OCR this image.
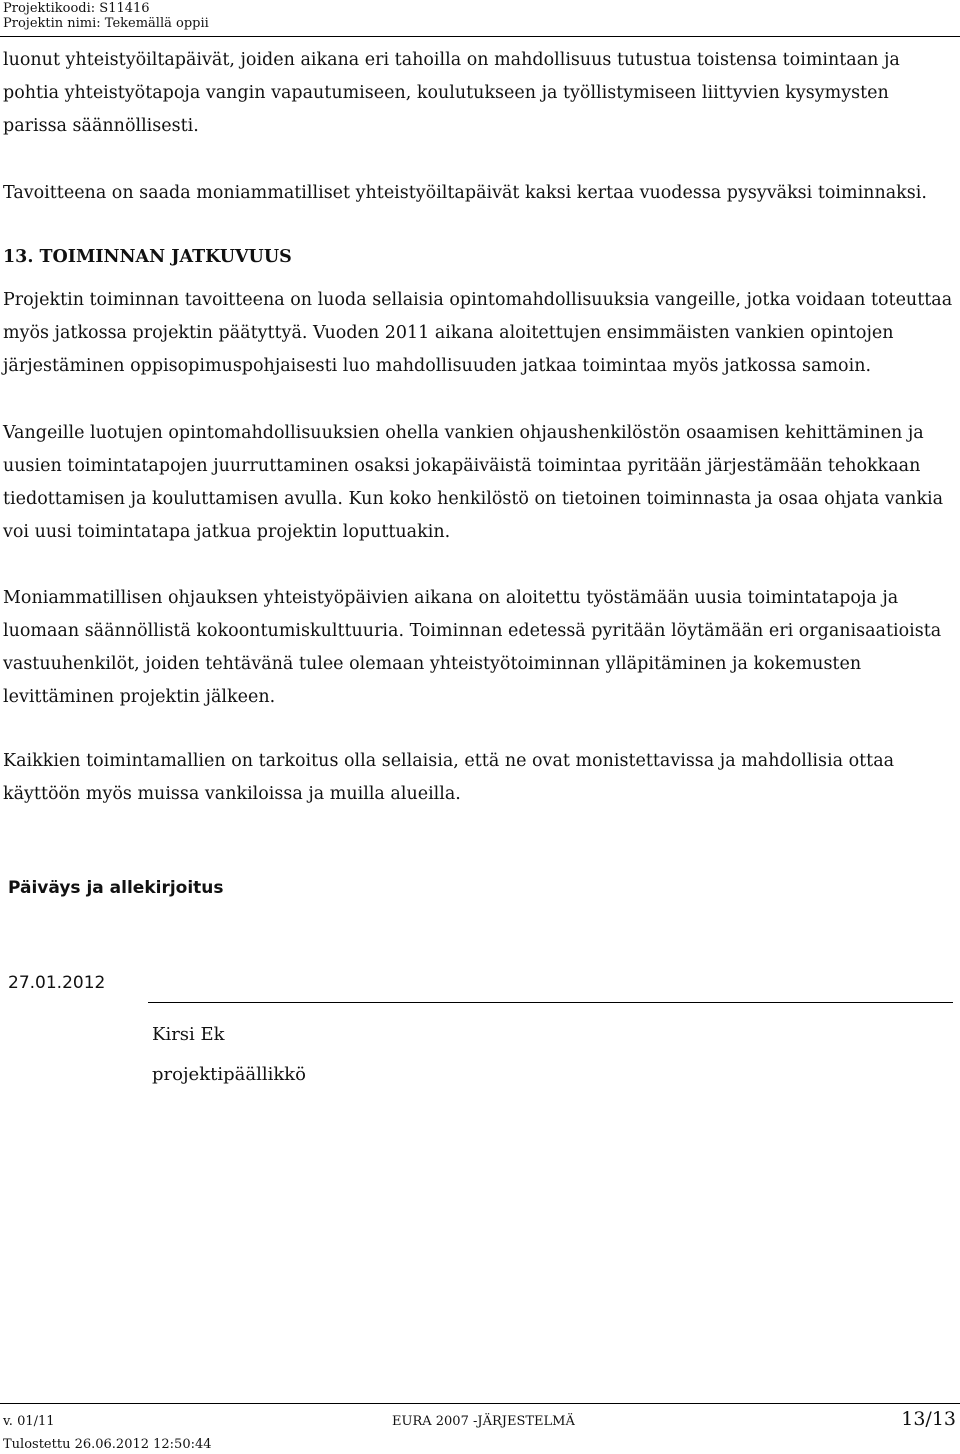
Projektikoodi: S11416
Projektin nimi: Tekemällä oppii

luonut yhteistyöiltapäivät, joiden aikana eri tahoilla on mahdollisuus tutustua toistensa toimintaan ja pohtia yhteistyötapoja vangin vapautumiseen, koulutukseen ja työllistymiseen liittyvien kysymysten parissa säännöllisesti.

Tavoitteena on saada moniammatilliset yhteistyöiltapäivät kaksi kertaa vuodessa pysyväksi toiminnaksi.

13. TOIMINNAN JATKUVUUS

Projektin toiminnan tavoitteena on luoda sellaisia opintomahdollisuuksia vangeille, jotka voidaan toteuttaa myös jatkossa projektin päätyttyä. Vuoden 2011 aikana aloitettujen ensimmäisten vankien opintojen järjestäminen oppisopimuspohjaisesti luo mahdollisuuden jatkaa toimintaa myös jatkossa samoin.

Vangeille luotujen opintomahdollisuuksien ohella vankien ohjaushenkilöstön osaamisen kehittäminen ja uusien toimintatapojen juurruttaminen osaksi jokapäiväistä toimintaa pyritään järjestämään tehokkaan tiedottamisen ja kouluttamisen avulla. Kun koko henkilöstö on tietoinen toiminnasta ja osaa ohjata vankia voi uusi toimintatapa jatkua projektin loputtuakin.

Moniammatillisen ohjauksen yhteistyöpäivien aikana on aloitettu työstämään uusia toimintatapoja ja luomaan säännöllistä kokoontumiskulttuuria. Toiminnan edetessä pyritään löytämään eri organisaatioista vastuuhenkilöt, joiden tehtävänä tulee olemaan yhteistyötoiminnan ylläpitäminen ja kokemusten levittäminen projektin jälkeen.

Kaikkien toimintamallien on tarkoitus olla sellaisia, että ne ovat monistettavissa ja mahdollisia ottaa käyttöön myös muissa vankiloissa ja muilla alueilla.

Päiväys ja allekirjoitus
27.01.2012
Kirsi Ek
projektipäällikkö
v. 01/11	EURA 2007 -JÄRJESTELMÄ	13/13
Tulostettu 26.06.2012 12:50:44
